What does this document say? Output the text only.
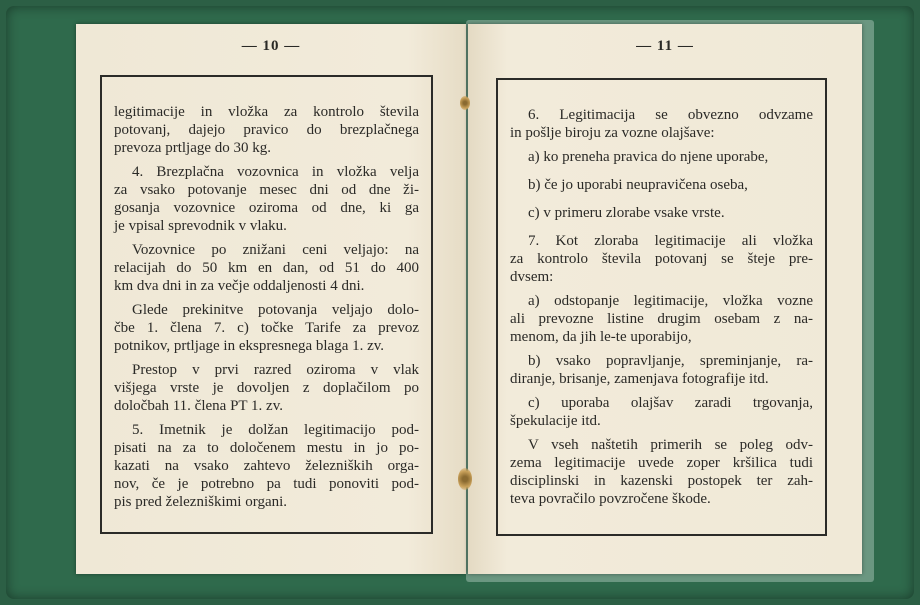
— 10 —
legitimacije in vložka za kontrolo števila
potovanj, dajejo pravico do brezplačnega
prevoza prtljage do 30 kg.
4. Brezplačna vozovnica in vložka velja
za vsako potovanje mesec dni od dne ži-
gosanja vozovnice oziroma od dne, ki ga
je vpisal sprevodnik v vlaku.
Vozovnice po znižani ceni veljajo: na
relacijah do 50 km en dan, od 51 do 400
km dva dni in za večje oddaljenosti 4 dni.
Glede prekinitve potovanja veljajo dolo-
čbe 1. člena 7. c) točke Tarife za prevoz
potnikov, prtljage in ekspresnega blaga 1. zv.
Prestop v prvi razred oziroma v vlak
višjega vrste je dovoljen z doplačilom po
določbah 11. člena PT 1. zv.
5. Imetnik je dolžan legitimacijo pod-
pisati na za to določenem mestu in jo po-
kazati na vsako zahtevo železniških orga-
nov, če je potrebno pa tudi ponoviti pod-
pis pred železniškimi organi.
— 11 —
6. Legitimacija se obvezno odvzame
in pošlje biroju za vozne olajšave:
a) ko preneha pravica do njene uporabe,
b) če jo uporabi neupravičena oseba,
c) v primeru zlorabe vsake vrste.
7. Kot zloraba legitimacije ali vložka
za kontrolo števila potovanj se šteje pre-
dvsem:
a) odstopanje legitimacije, vložka vozne
ali prevozne listine drugim osebam z na-
menom, da jih le-te uporabijo,
b) vsako popravljanje, spreminjanje, ra-
diranje, brisanje, zamenjava fotografije itd.
c) uporaba olajšav zaradi trgovanja,
špekulacije itd.
V vseh naštetih primerih se poleg odv-
zema legitimacije uvede zoper kršilica tudi
disciplinski in kazenski postopek ter zah-
teva povračilo povzročene škode.
